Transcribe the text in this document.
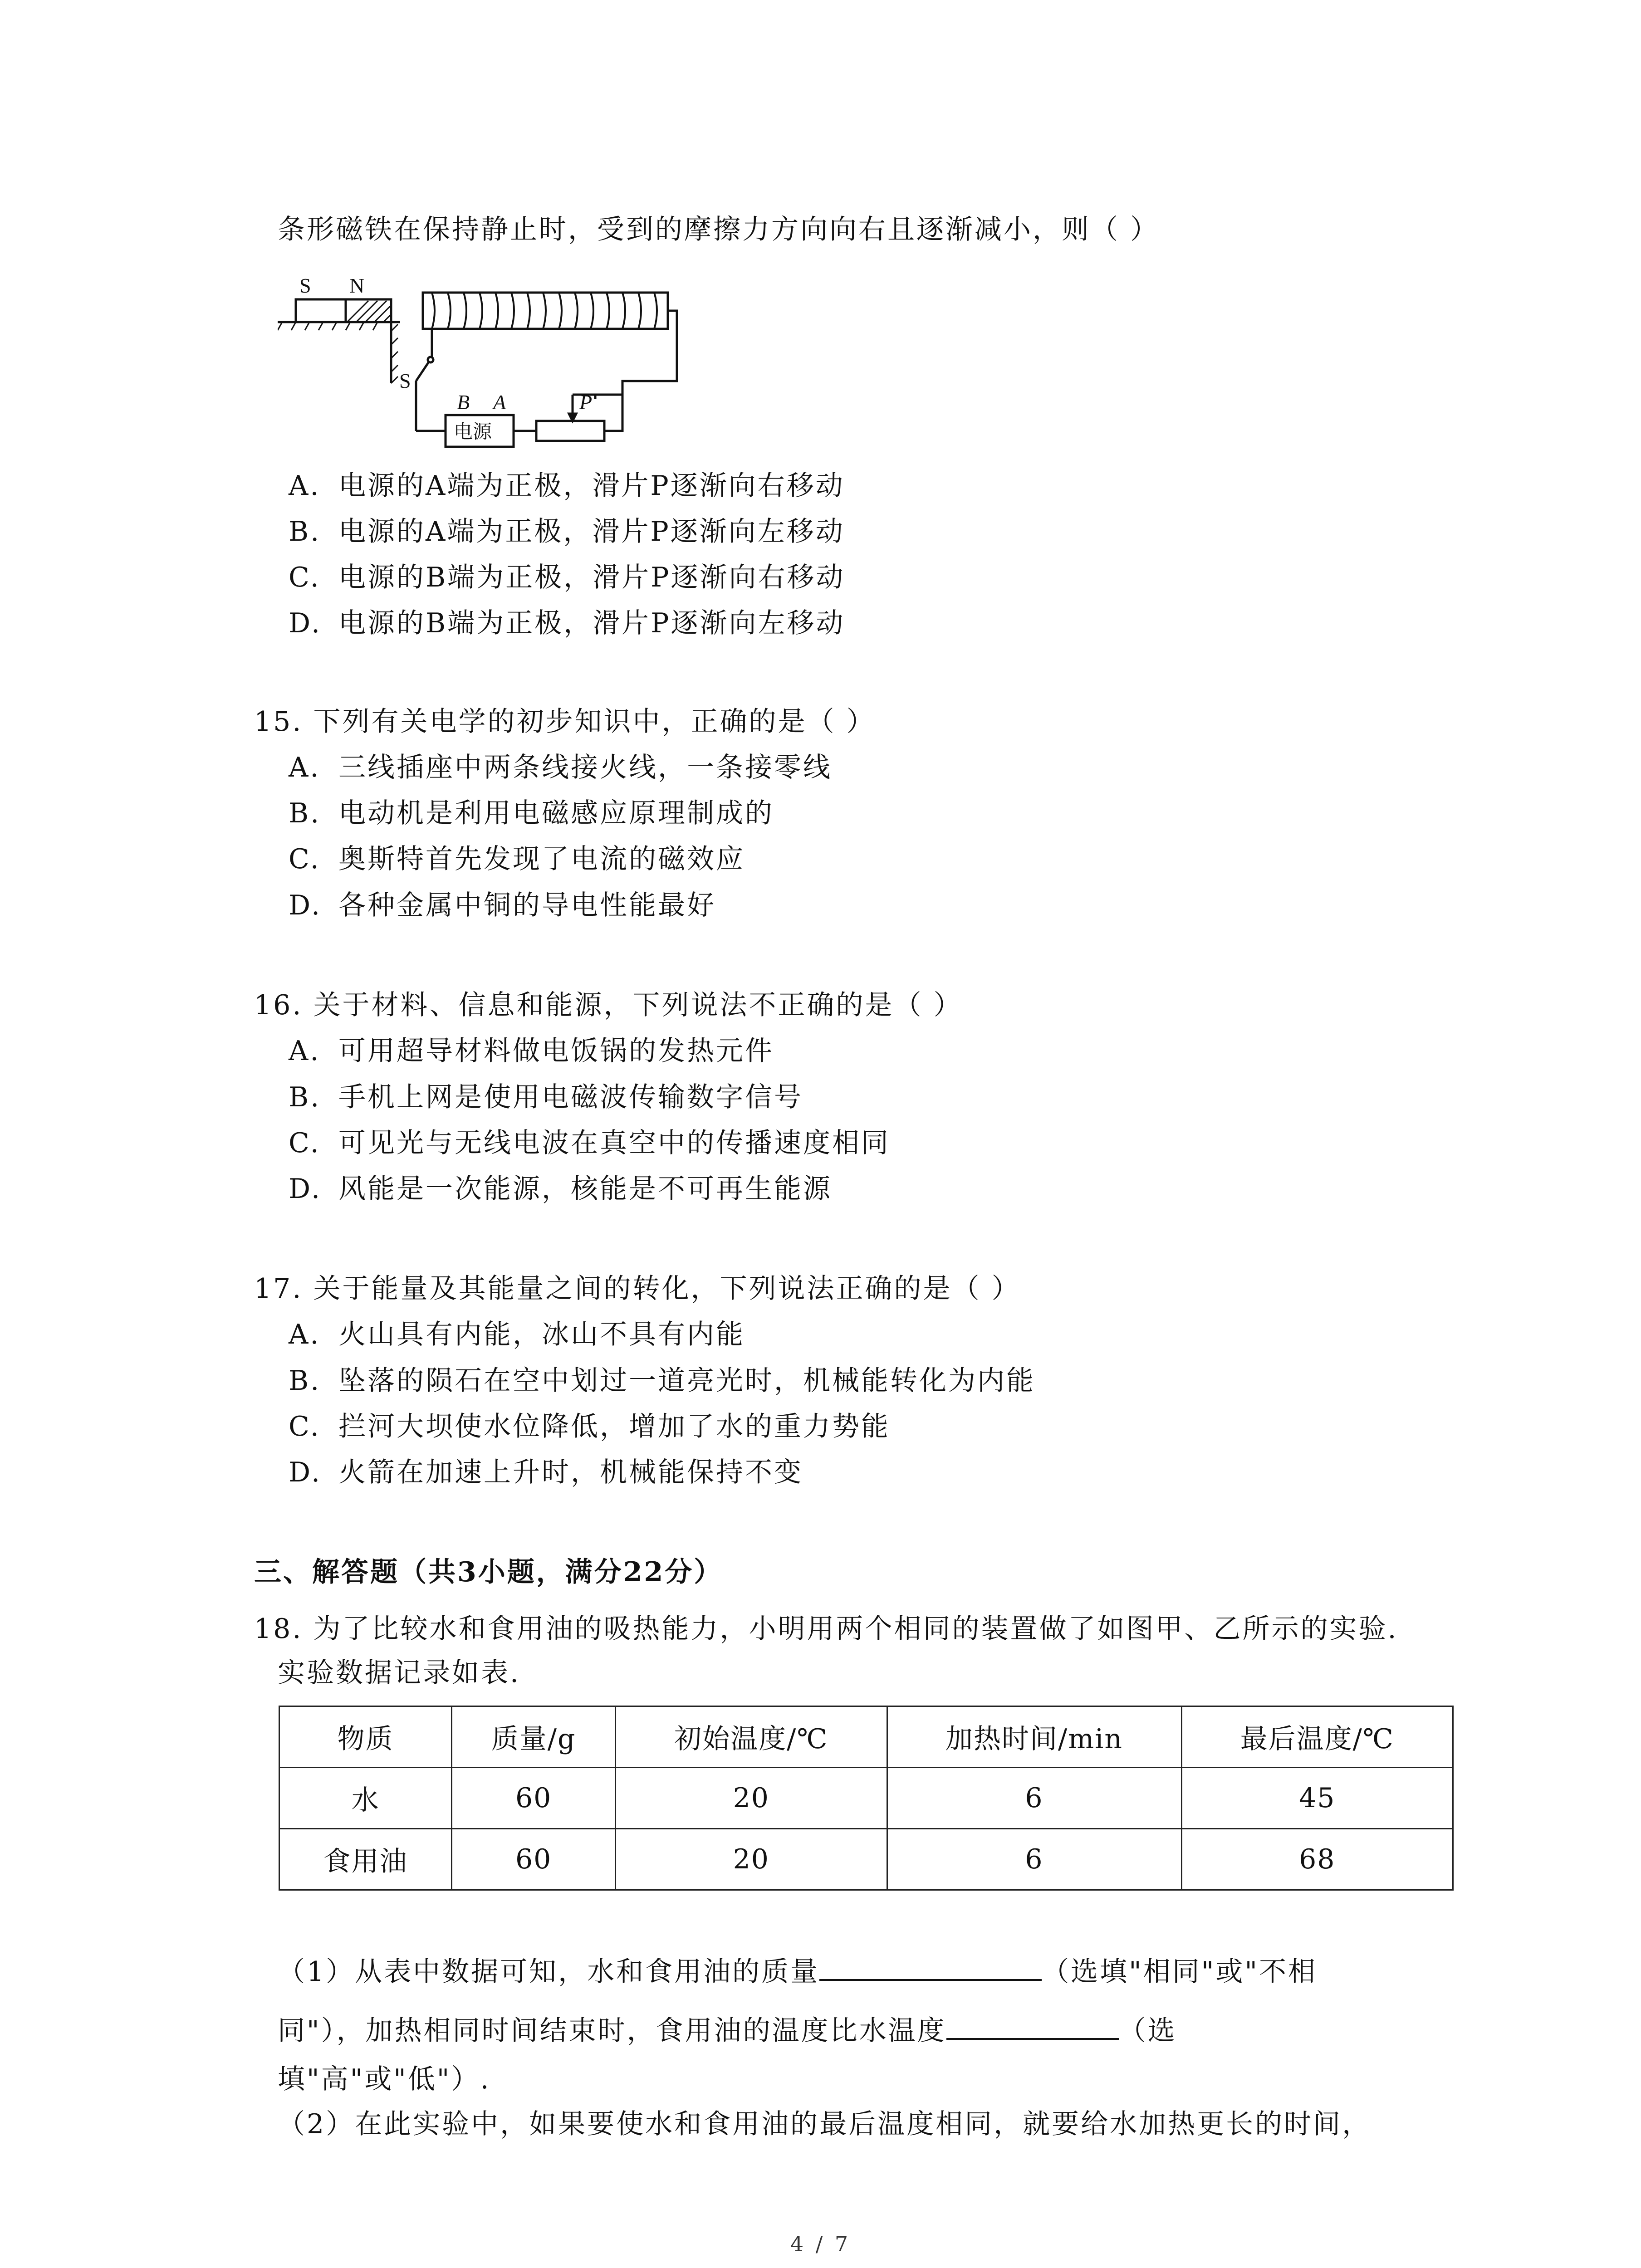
条形磁铁在保持静止时，受到的摩擦力方向向右且逐渐减小，则（ ）
S N
S
B A	P
电源
A. 电源的A端为正极，滑片P逐渐向右移动
B. 电源的A端为正极，滑片P逐渐向左移动
C. 电源的B端为正极，滑片P逐渐向右移动
D. 电源的B端为正极，滑片P逐渐向左移动
15. 下列有关电学的初步知识中，正确的是（ ）
A. 三线插座中两条线接火线，一条接零线
B. 电动机是利用电磁感应原理制成的
C. 奥斯特首先发现了电流的磁效应
D. 各种金属中铜的导电性能最好
16. 关于材料、信息和能源，下列说法不正确的是（ ）
A. 可用超导材料做电饭锅的发热元件
B. 手机上网是使用电磁波传输数字信号
C. 可见光与无线电波在真空中的传播速度相同
D. 风能是一次能源，核能是不可再生能源
17. 关于能量及其能量之间的转化，下列说法正确的是（ ）
A. 火山具有内能，冰山不具有内能
B. 坠落的陨石在空中划过一道亮光时，机械能转化为内能
C. 拦河大坝使水位降低，增加了水的重力势能
D. 火箭在加速上升时，机械能保持不变
三、解答题（共3小题，满分22分）
18. 为了比较水和食用油的吸热能力，小明用两个相同的装置做了如图甲、乙所示的实验.
实验数据记录如表.
物质	质量/g	初始温度/℃	加热时间/min	最后温度/℃
水	60	20	6	45
食用油	60	20	6	68
（1）从表中数据可知，水和食用油的质量	（选填"相同"或"不相
同"），加热相同时间结束时，食用油的温度比水温度	（选
填"高"或"低"）.
（2）在此实验中，如果要使水和食用油的最后温度相同，就要给水加热更长的时间，
4 / 7
